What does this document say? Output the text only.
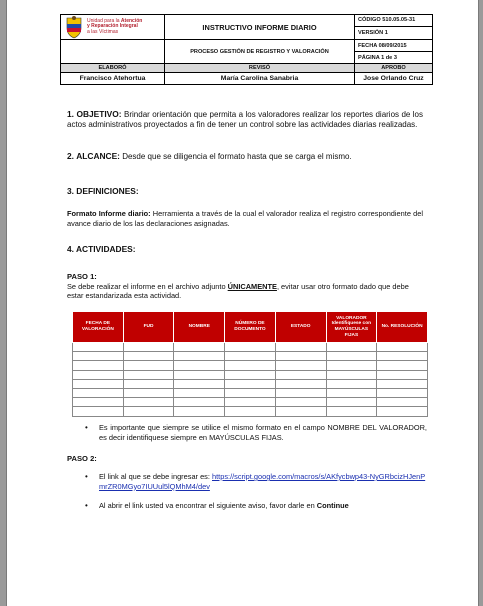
Unidad para la Atención
y Reparación Integral
a las Víctimas	INSTRUCTIVO INFORME DIARIO	CÓDIGO 510.05.05-31
		VERSIÓN 1
	PROCESO GESTIÓN DE REGISTRO Y VALORACIÓN	FECHA 08/09/2015
		PÁGINA 1 de 3
ELABORÓ	REVISÓ	APROBO
Francisco Atehortua	María Carolina Sanabria	Jose Orlando Cruz
1. OBJETIVO: Brindar orientación que permita a los valoradores realizar los reportes diarios de los actos administrativos proyectados a fin de tener un control sobre las actividades diarias realizadas.
2. ALCANCE: Desde que se diligencia el formato hasta que se carga el mismo.
3. DEFINICIONES:
Formato Informe diario: Herramienta a través de la cual el valorador realiza el registro correspondiente del avance diario de los las declaraciones asignadas.
4. ACTIVIDADES:
PASO 1:
Se debe realizar el informe en el archivo adjunto ÚNICAMENTE, evitar usar otro formato dado que debe estar estandarizada esta actividad.
FECHA DE VALORACIÓN	FUD	NOMBRE	NÚMERO DE DOCUMENTO	ESTADO	VALORADOR Identifiquese con MAYÚSCULAS FIJAS	No. RESOLUCIÓN

• Es importante que siempre se utilice el mismo formato en el campo NOMBRE DEL VALORADOR, es decir identifiquese siempre en MAYÚSCULAS FIJAS.
PASO 2:
• El link al que se debe ingresar es: https://script.google.com/macros/s/AKfycbwp43-NyGRbcizHJenPmrZR0MGyo7IUUul5lQMhM4/dev
• Al abrir el link usted va encontrar el siguiente aviso, favor darle en Continue
